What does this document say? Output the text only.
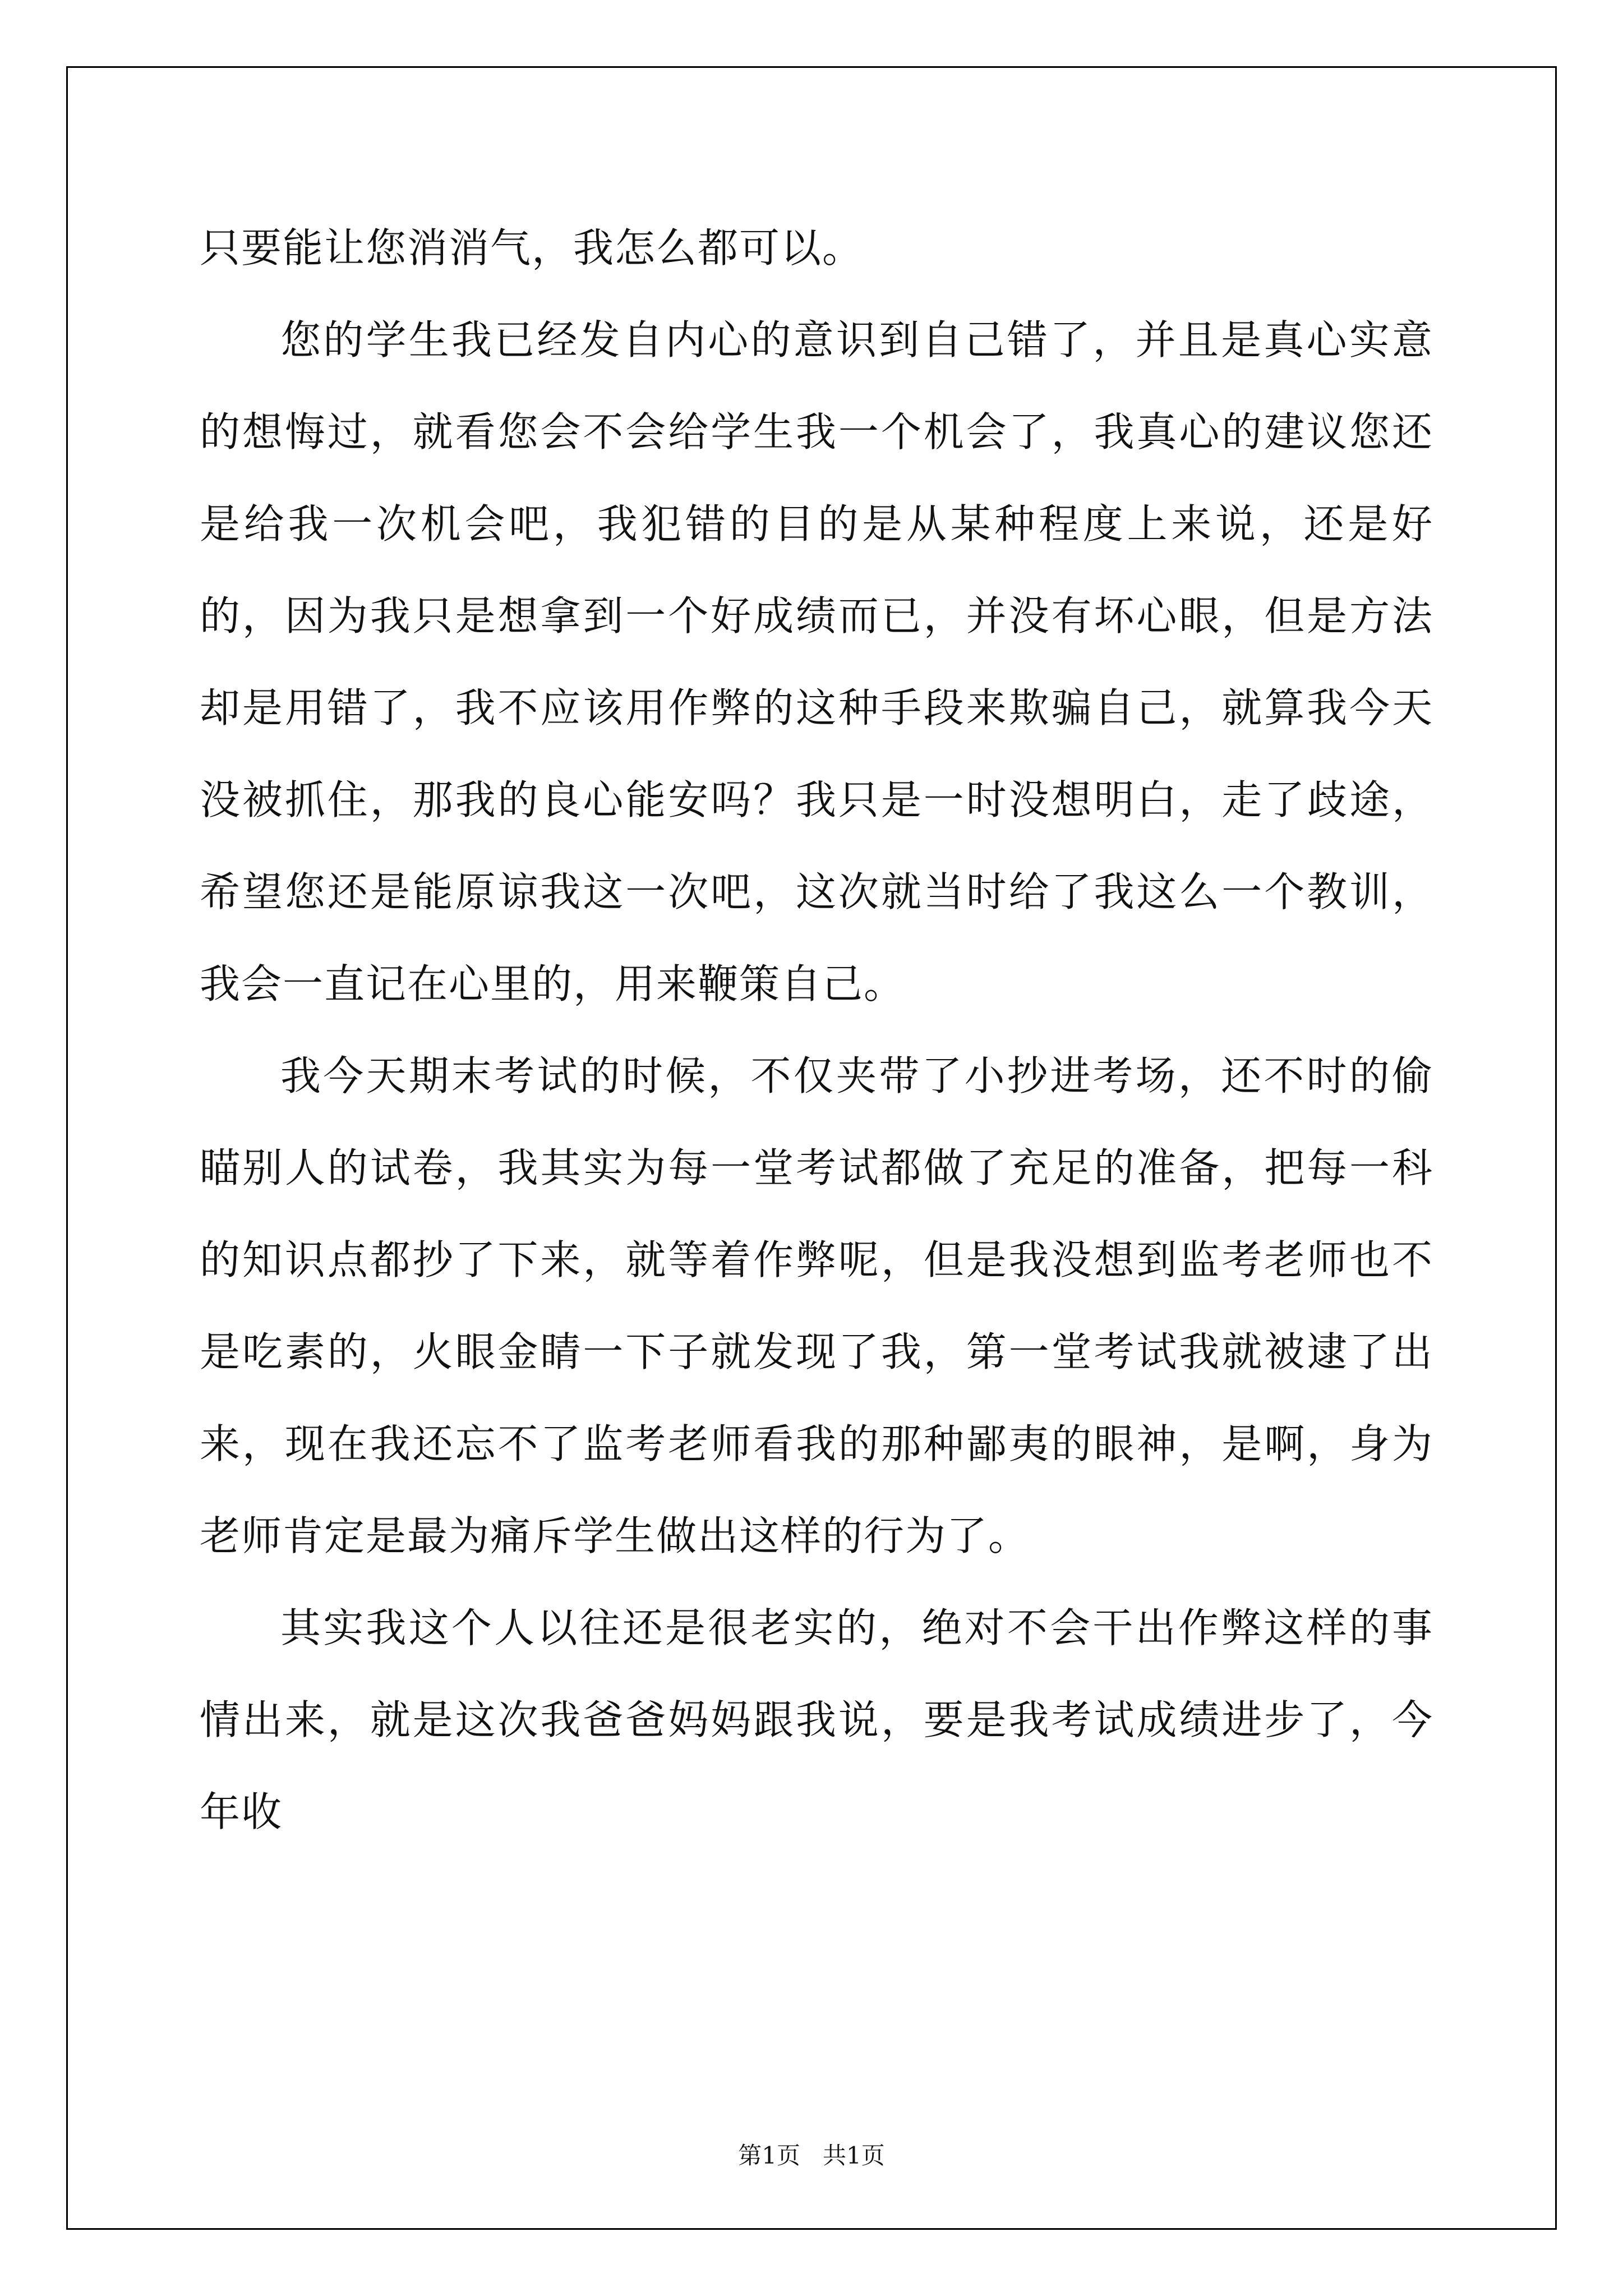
只要能让您消消气，我怎么都可以。

您的学生我已经发自内心的意识到自己错了，并且是真心实意的想悔过，就看您会不会给学生我一个机会了，我真心的建议您还是给我一次机会吧，我犯错的目的是从某种程度上来说，还是好的，因为我只是想拿到一个好成绩而已，并没有坏心眼，但是方法却是用错了，我不应该用作弊的这种手段来欺骗自己，就算我今天没被抓住，那我的良心能安吗？我只是一时没想明白，走了歧途，希望您还是能原谅我这一次吧，这次就当时给了我这么一个教训，我会一直记在心里的，用来鞭策自己。

我今天期末考试的时候，不仅夹带了小抄进考场，还不时的偷瞄别人的试卷，我其实为每一堂考试都做了充足的准备，把每一科的知识点都抄了下来，就等着作弊呢，但是我没想到监考老师也不是吃素的，火眼金睛一下子就发现了我，第一堂考试我就被逮了出来，现在我还忘不了监考老师看我的那种鄙夷的眼神，是啊，身为老师肯定是最为痛斥学生做出这样的行为了。

其实我这个人以往还是很老实的，绝对不会干出作弊这样的事情出来，就是这次我爸爸妈妈跟我说，要是我考试成绩进步了，今年收

第1页   共1页
